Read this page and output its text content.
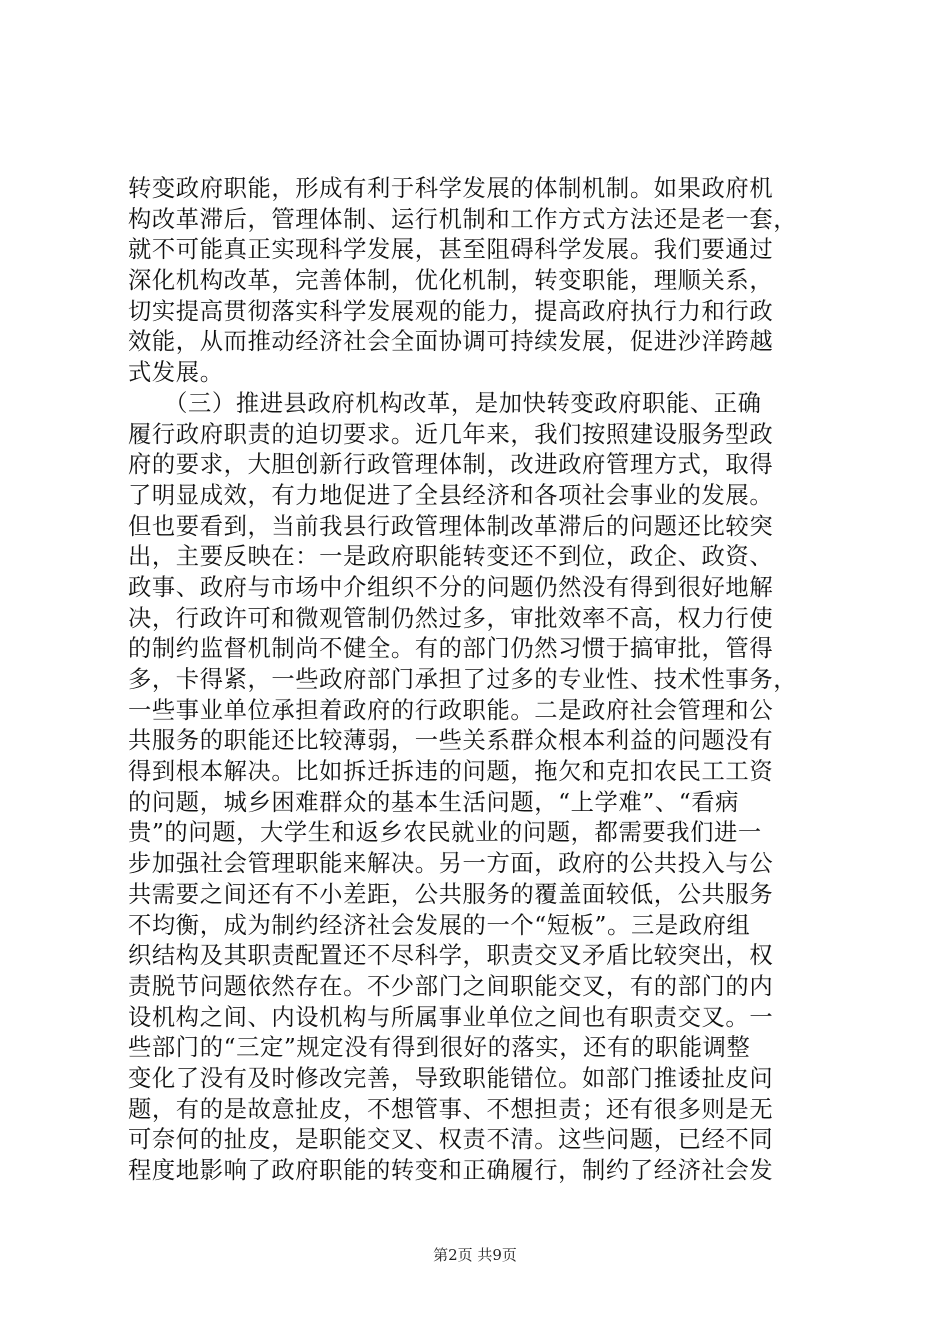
转变政府职能，形成有利于科学发展的体制机制。如果政府机
构改革滞后，管理体制、运行机制和工作方式方法还是老一套，
就不可能真正实现科学发展，甚至阻碍科学发展。我们要通过
深化机构改革，完善体制，优化机制，转变职能，理顺关系，
切实提高贯彻落实科学发展观的能力，提高政府执行力和行政
效能，从而推动经济社会全面协调可持续发展，促进沙洋跨越
式发展。
　　（三）推进县政府机构改革，是加快转变政府职能、正确
履行政府职责的迫切要求。近几年来，我们按照建设服务型政
府的要求，大胆创新行政管理体制，改进政府管理方式，取得
了明显成效，有力地促进了全县经济和各项社会事业的发展。
但也要看到，当前我县行政管理体制改革滞后的问题还比较突
出，主要反映在：一是政府职能转变还不到位，政企、政资、
政事、政府与市场中介组织不分的问题仍然没有得到很好地解
决，行政许可和微观管制仍然过多，审批效率不高，权力行使
的制约监督机制尚不健全。有的部门仍然习惯于搞审批，管得
多，卡得紧，一些政府部门承担了过多的专业性、技术性事务，
一些事业单位承担着政府的行政职能。二是政府社会管理和公
共服务的职能还比较薄弱，一些关系群众根本利益的问题没有
得到根本解决。比如拆迁拆违的问题，拖欠和克扣农民工工资
的问题，城乡困难群众的基本生活问题，“上学难”、“看病
贵”的问题，大学生和返乡农民就业的问题，都需要我们进一
步加强社会管理职能来解决。另一方面，政府的公共投入与公
共需要之间还有不小差距，公共服务的覆盖面较低，公共服务
不均衡，成为制约经济社会发展的一个“短板”。三是政府组
织结构及其职责配置还不尽科学，职责交叉矛盾比较突出，权
责脱节问题依然存在。不少部门之间职能交叉，有的部门的内
设机构之间、内设机构与所属事业单位之间也有职责交叉。一
些部门的“三定”规定没有得到很好的落实，还有的职能调整
变化了没有及时修改完善，导致职能错位。如部门推诿扯皮问
题，有的是故意扯皮，不想管事、不想担责；还有很多则是无
可奈何的扯皮，是职能交叉、权责不清。这些问题，已经不同
程度地影响了政府职能的转变和正确履行，制约了经济社会发
第2页 共9页
